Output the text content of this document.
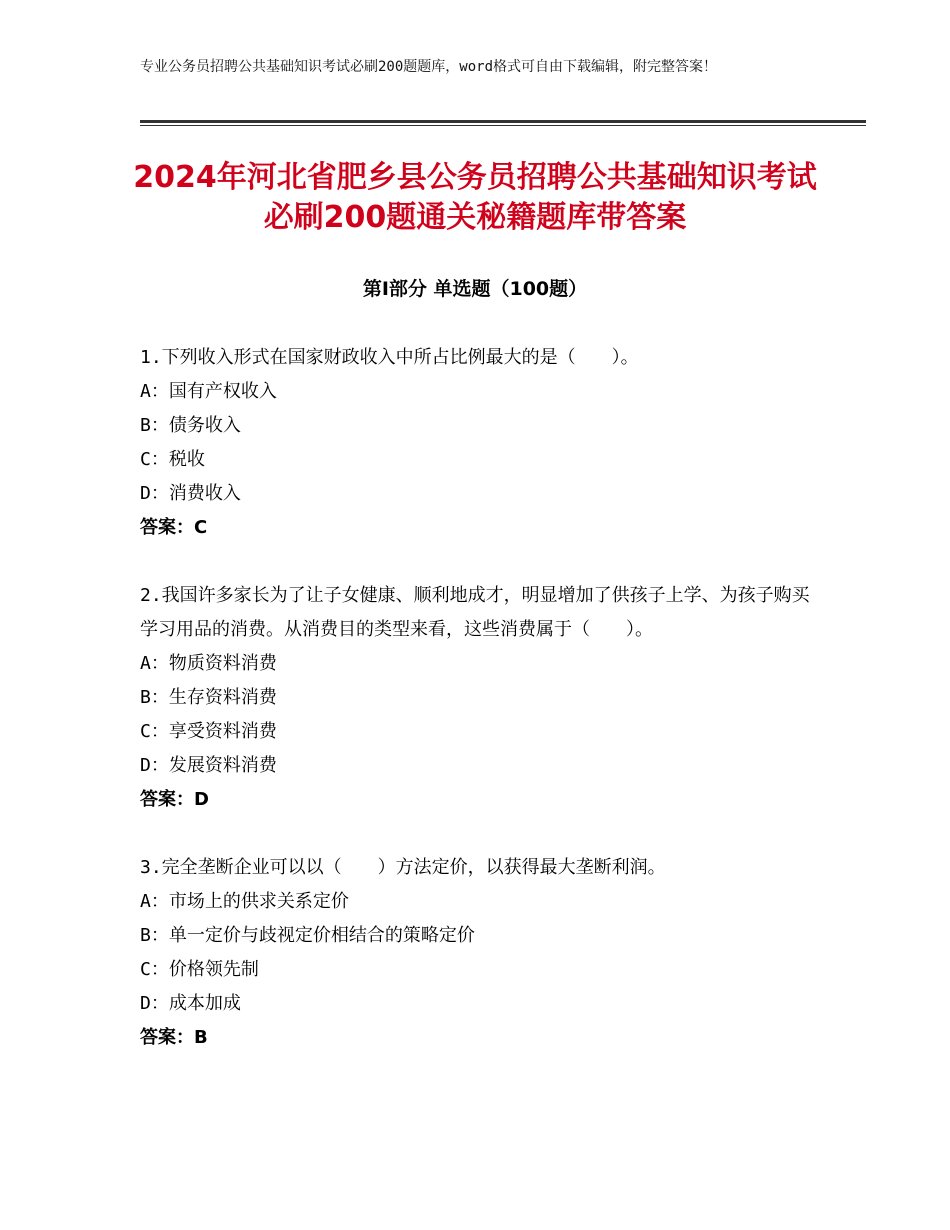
专业公务员招聘公共基础知识考试必刷200题题库，word格式可自由下载编辑，附完整答案！
2024年河北省肥乡县公务员招聘公共基础知识考试必刷200题通关秘籍题库带答案
第Ⅰ部分 单选题（100题）

1.下列收入形式在国家财政收入中所占比例最大的是（　　）。

A：国有产权收入

B：债务收入

C：税收

D：消费收入

答案：C

2.我国许多家长为了让子女健康、顺利地成才，明显增加了供孩子上学、为孩子购买学习用品的消费。从消费目的类型来看，这些消费属于（　　）。

A：物质资料消费

B：生存资料消费

C：享受资料消费

D：发展资料消费

答案：D

3.完全垄断企业可以以（　　）方法定价，以获得最大垄断利润。

A：市场上的供求关系定价

B：单一定价与歧视定价相结合的策略定价

C：价格领先制

D：成本加成

答案：B
